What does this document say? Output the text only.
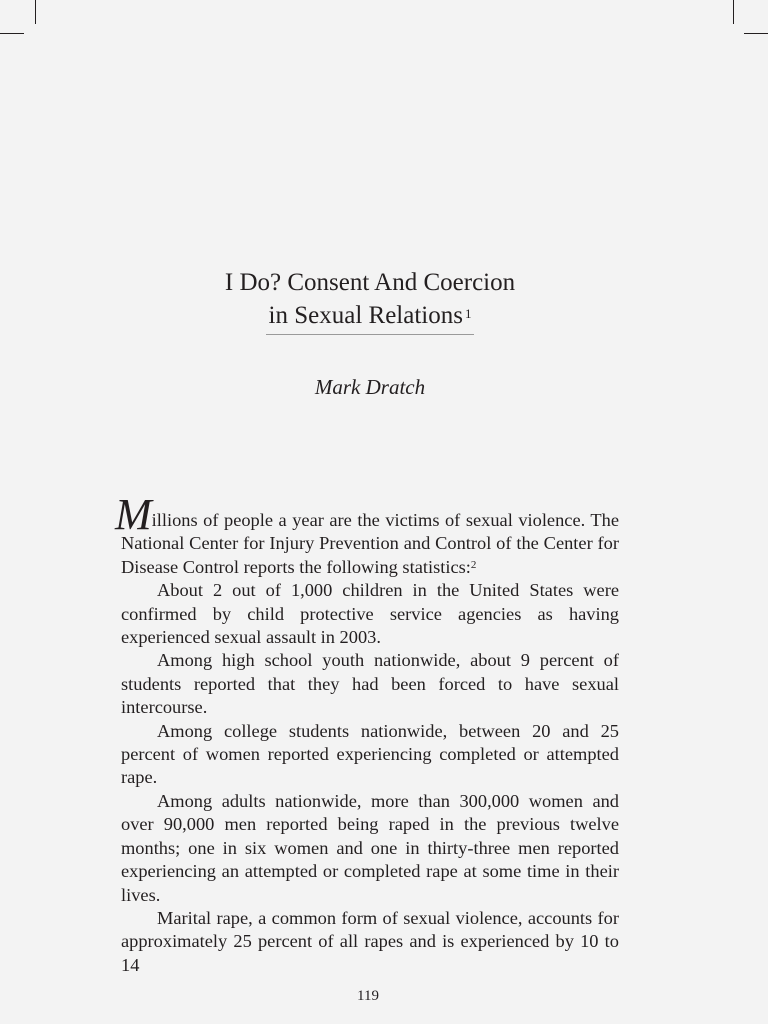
I Do? Consent And Coercion
in Sexual Relations $^1$
Mark Dratch

Millions of people a year are the victims of sexual violence. The National Center for Injury Prevention and Control of the Center for Disease Control reports the following statistics:$^2$

About 2 out of 1,000 children in the United States were confirmed by child protective service agencies as having experienced sexual assault in 2003.

Among high school youth nationwide, about 9 percent of students reported that they had been forced to have sexual intercourse.

Among college students nationwide, between 20 and 25 percent of women reported experiencing completed or attempted rape.

Among adults nationwide, more than 300,000 women and over 90,000 men reported being raped in the previous twelve months; one in six women and one in thirty-three men reported experiencing an attempted or completed rape at some time in their lives.

Marital rape, a common form of sexual violence, accounts for approximately 25 percent of all rapes and is experienced by 10 to 14

119
